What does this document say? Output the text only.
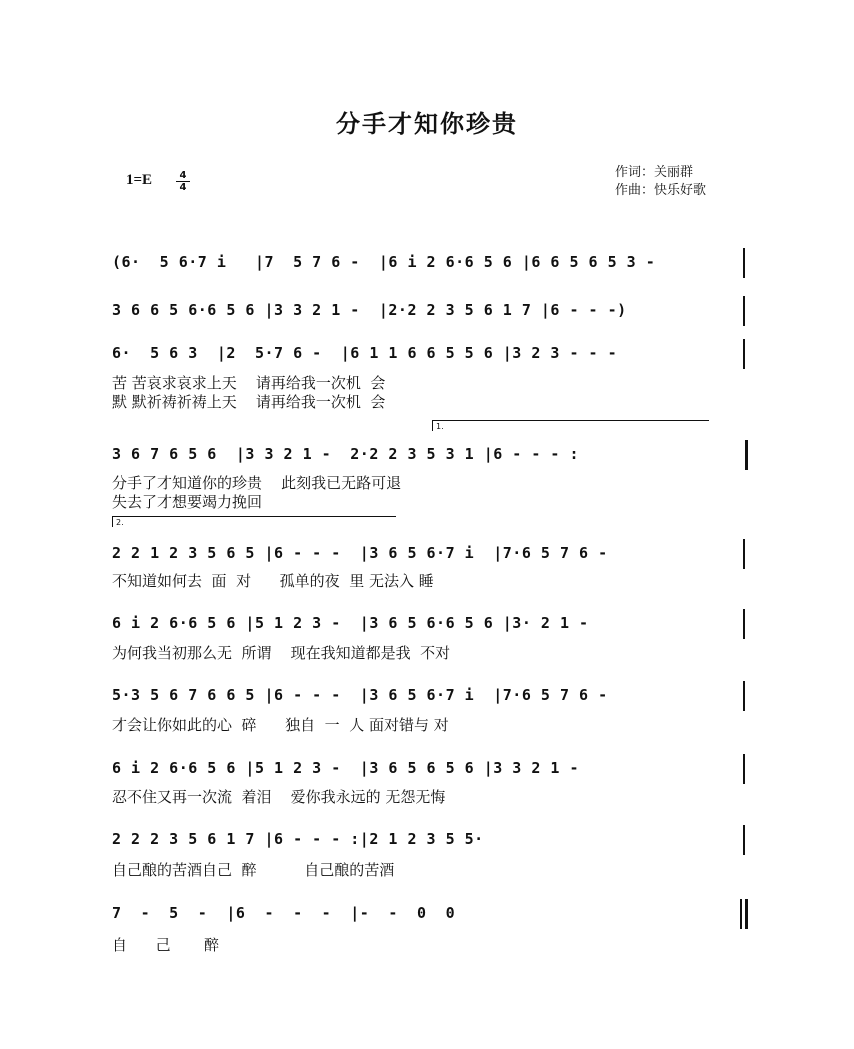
分手才知你珍贵
1=E	4
4
作词：关丽群
作曲：快乐好歌
(6·  5 6·7 i   |7  5 7 6 -  |6 i 2 6·6 5 6 |6 6 5 6 5 3 -
3 6 6 5 6·6 5 6 |3 3 2 1 -  |2·2 2 3 5 6 1 7 |6 - - -)
6·  5 6 3  |2  5·7 6 -  |6 1 1 6 6 5 5 6 |3 2 3 - - -
苦 苦哀求哀求上天    请再给我一次机  会
默 默祈祷祈祷上天    请再给我一次机  会
1.
3 6 7 6 5 6  |3 3 2 1 -  2·2 2 3 5 3 1 |6 - - - :
分手了才知道你的珍贵    此刻我已无路可退
失去了才想要竭力挽回
2.
2 2 1 2 3 5 6 5 |6 - - -  |3 6 5 6·7 i  |7·6 5 7 6 -
不知道如何去  面  对      孤单的夜  里 无法入 睡
6 i 2 6·6 5 6 |5 1 2 3 -  |3 6 5 6·6 5 6 |3· 2 1 -
为何我当初那么无  所谓    现在我知道都是我  不对
5·3 5 6 7 6 6 5 |6 - - -  |3 6 5 6·7 i  |7·6 5 7 6 -
才会让你如此的心  碎      独自  一  人 面对错与 对
6 i 2 6·6 5 6 |5 1 2 3 -  |3 6 5 6 5 6 |3 3 2 1 -
忍不住又再一次流  着泪    爱你我永远的 无怨无悔
2 2 2 3 5 6 1 7 |6 - - - :|2 1 2 3 5 5·
自己酿的苦酒自己  醉          自己酿的苦酒
7  -  5  -  |6  -  -  -  |-  -  0  0
自      己       醉
